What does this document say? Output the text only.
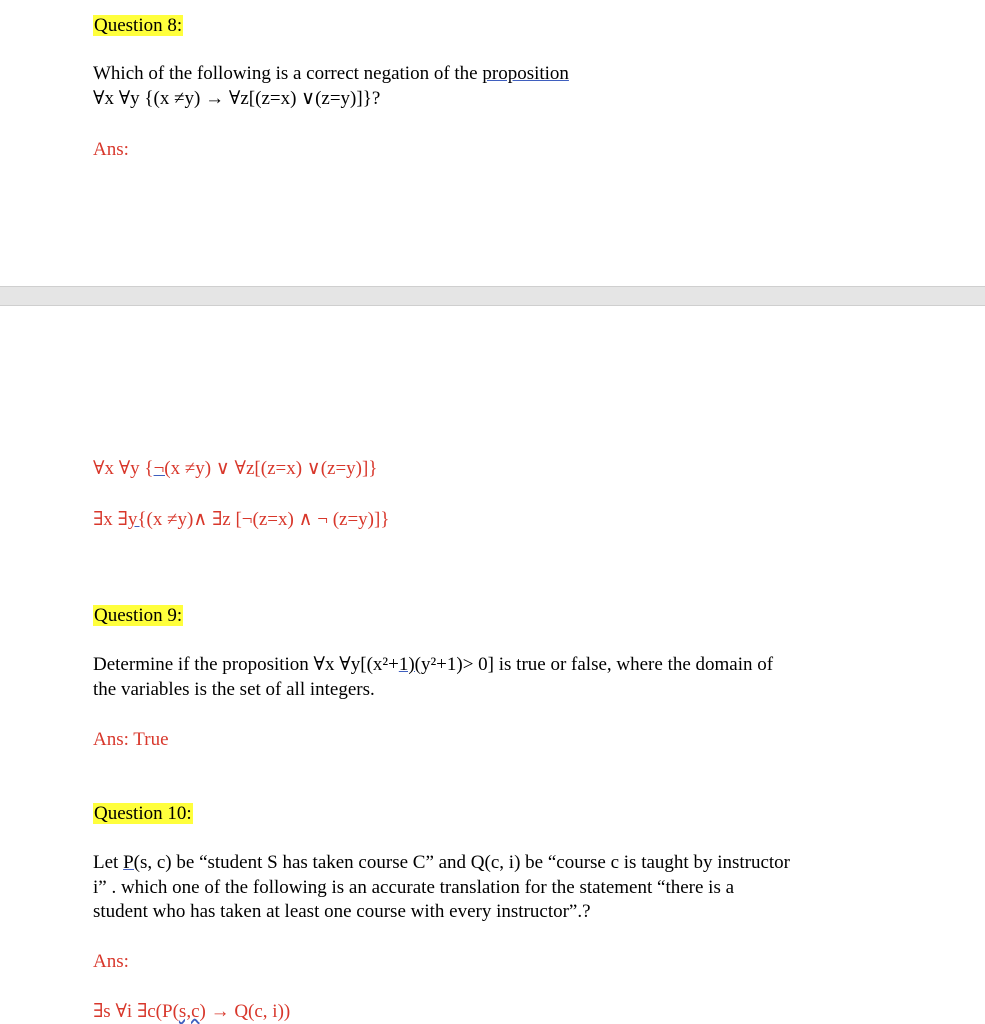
Question 8:
Which of the following is a correct negation of the proposition
∀x ∀y {(x ≠y) → ∀z[(z=x) ∨(z=y)]}?
Ans:
∀x ∀y {¬(x ≠y) ∨ ∀z[(z=x) ∨(z=y)]}
∃x ∃y{(x ≠y)∧ ∃z [¬(z=x) ∧ ¬ (z=y)]}
Question 9:
Determine if the proposition ∀x ∀y[(x²+1)(y²+1)> 0] is true or false, where the domain of
the variables is the set of all integers.
Ans: True
Question 10:
Let P(s, c) be “student S has taken course C” and Q(c, i) be “course c is taught by instructor
i” . which one of the following is an accurate translation for the statement “there is a
student who has taken at least one course with every instructor”.?
Ans:
∃s ∀i ∃c(P(s,c) → Q(c, i))
